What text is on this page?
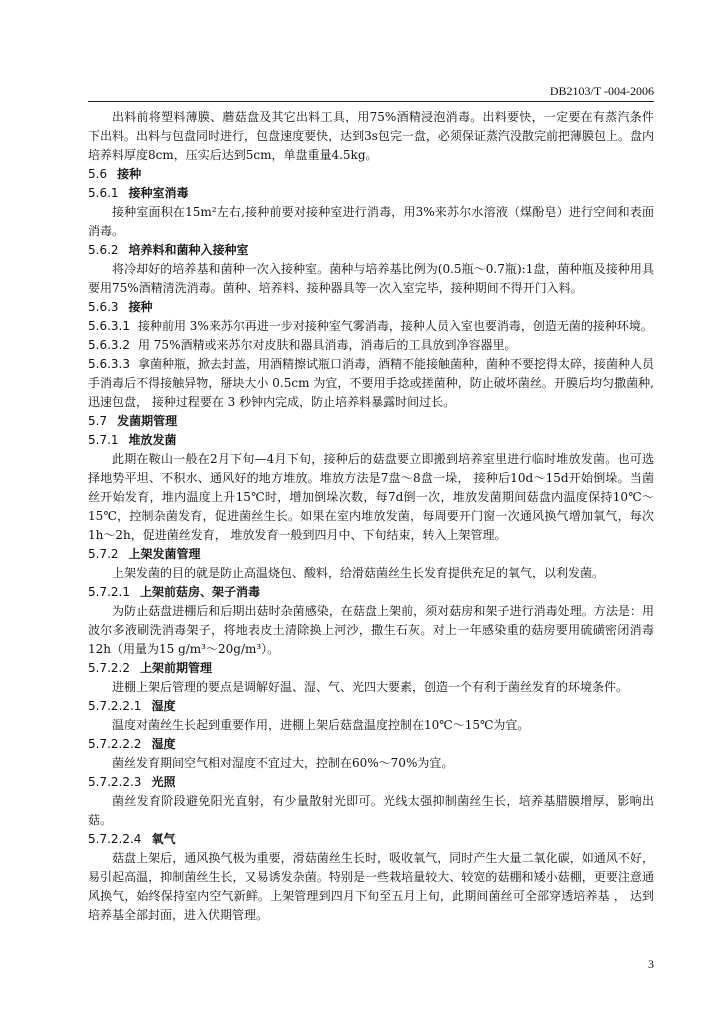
DB2103/T -004-2006

出料前将塑料薄膜、蘑菇盘及其它出料工具，用75%酒精浸泡消毒。出料要快，一定要在有蒸汽条件下出料。出料与包盘同时进行，包盘速度要快，达到3s包完一盘，必须保证蒸汽没散完前把薄膜包上。盘内培养料厚度8cm，压实后达到5cm，单盘重量4.5kg。

5.6 接种
5.6.1 接种室消毒

接种室面积在15m²左右,接种前要对接种室进行消毒，用3%来苏尔水溶液（煤酚皂）进行空间和表面消毒。

5.6.2 培养料和菌种入接种室

将冷却好的培养基和菌种一次入接种室。菌种与培养基比例为(0.5瓶～0.7瓶):1盘，菌种瓶及接种用具要用75%酒精清洗消毒。菌种、培养料、接种器具等一次入室完毕，接种期间不得开门入料。

5.6.3 接种

5.6.3.1 接种前用 3%来苏尔再进一步对接种室气雾消毒，接种人员入室也要消毒，创造无菌的接种环境。

5.6.3.2 用 75%酒精或来苏尔对皮肤和器具消毒，消毒后的工具放到净容器里。

5.6.3.3 拿菌种瓶，掀去封盖，用酒精擦试瓶口消毒，酒精不能接触菌种，菌种不要挖得太碎，接菌种人员手消毒后不得接触异物，掰块大小 0.5cm 为宜，不要用手捻或搓菌种，防止破坏菌丝。开膜后均匀撒菌种,迅速包盘， 接种过程要在 3 秒钟内完成，防止培养料暴露时间过长。

5.7 发菌期管理
5.7.1 堆放发菌

此期在鞍山一般在2月下旬—4月下旬，接种后的菇盘要立即搬到培养室里进行临时堆放发菌。也可选择地势平坦、不积水、通风好的地方堆放。堆放方法是7盘～8盘一垛， 接种后10d～15d开始倒垛。当菌丝开始发育，堆内温度上升15℃时，增加倒垛次数，每7d倒一次，堆放发菌期间菇盘内温度保持10℃～15℃，控制杂菌发育，促进菌丝生长。如果在室内堆放发菌，每周要开门窗一次通风换气增加氧气，每次1h～2h，促进菌丝发育， 堆放发育一般到四月中、下旬结束，转入上架管理。

5.7.2 上架发菌管理

上架发菌的目的就是防止高温烧包、酸料，给滑菇菌丝生长发育提供充足的氧气，以利发菌。

5.7.2.1 上架前菇房、架子消毒

为防止菇盘进棚后和后期出菇时杂菌感染，在菇盘上架前，须对菇房和架子进行消毒处理。方法是：用波尔多液刷洗消毒架子，将地表皮土清除换上河沙，撒生石灰。对上一年感染重的菇房要用硫磺密闭消毒12h（用量为15 g/m³～20g/m³）。

5.7.2.2 上架前期管理

进棚上架后管理的要点是调解好温、湿、气、光四大要素，创造一个有利于菌丝发育的环境条件。

5.7.2.2.1 湿度

温度对菌丝生长起到重要作用，进棚上架后菇盘温度控制在10℃～15℃为宜。

5.7.2.2.2 湿度

菌丝发育期间空气相对湿度不宜过大，控制在60%～70%为宜。

5.7.2.2.3 光照

菌丝发育阶段避免阳光直射，有少量散射光即可。光线太强抑制菌丝生长，培养基腊膜增厚，影响出菇。

5.7.2.2.4 氧气

菇盘上架后，通风换气极为重要，滑菇菌丝生长时，吸收氧气，同时产生大量二氧化碳，如通风不好，易引起高温，抑制菌丝生长，又易诱发杂菌。特别是一些栽培量较大、较宽的菇棚和矮小菇棚，更要注意通风换气，始终保持室内空气新鲜。上架管理到四月下旬至五月上旬，此期间菌丝可全部穿透培养基 ， 达到培养基全部封面，进入伏期管理。

3
